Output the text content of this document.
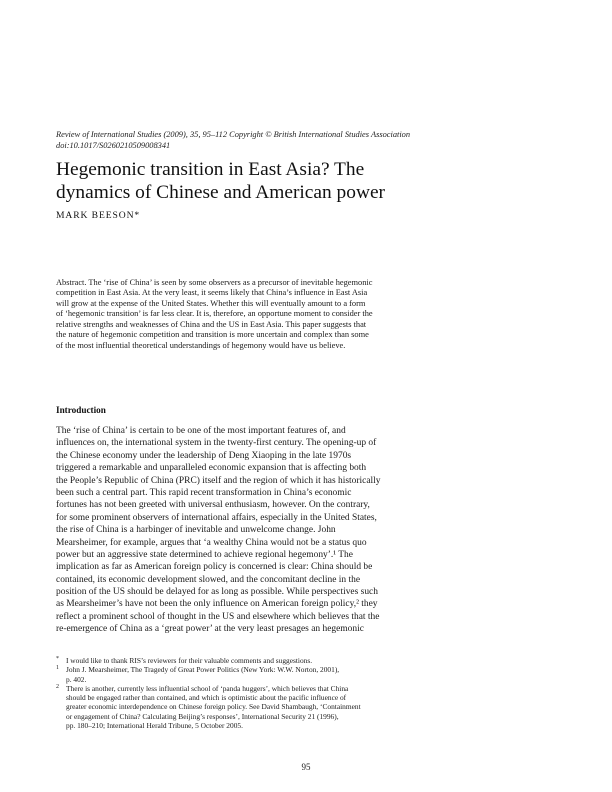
Review of International Studies (2009), 35, 95–112 Copyright © British International Studies Association
doi:10.1017/S0260210509008341
Hegemonic transition in East Asia? The
dynamics of Chinese and American power
MARK BEESON*
Abstract. The ‘rise of China’ is seen by some observers as a precursor of inevitable hegemonic
competition in East Asia. At the very least, it seems likely that China’s influence in East Asia
will grow at the expense of the United States. Whether this will eventually amount to a form
of ‘hegemonic transition’ is far less clear. It is, therefore, an opportune moment to consider the
relative strengths and weaknesses of China and the US in East Asia. This paper suggests that
the nature of hegemonic competition and transition is more uncertain and complex than some
of the most influential theoretical understandings of hegemony would have us believe.
Introduction
The ‘rise of China’ is certain to be one of the most important features of, and
influences on, the international system in the twenty-first century. The opening-up of
the Chinese economy under the leadership of Deng Xiaoping in the late 1970s
triggered a remarkable and unparalleled economic expansion that is affecting both
the People’s Republic of China (PRC) itself and the region of which it has historically
been such a central part. This rapid recent transformation in China’s economic
fortunes has not been greeted with universal enthusiasm, however. On the contrary,
for some prominent observers of international affairs, especially in the United States,
the rise of China is a harbinger of inevitable and unwelcome change. John
Mearsheimer, for example, argues that ‘a wealthy China would not be a status quo
power but an aggressive state determined to achieve regional hegemony’.¹ The
implication as far as American foreign policy is concerned is clear: China should be
contained, its economic development slowed, and the concomitant decline in the
position of the US should be delayed for as long as possible. While perspectives such
as Mearsheimer’s have not been the only influence on American foreign policy,² they
reflect a prominent school of thought in the US and elsewhere which believes that the
re-emergence of China as a ‘great power’ at the very least presages an hegemonic
* I would like to thank RIS’s reviewers for their valuable comments and suggestions.
1 John J. Mearsheimer, The Tragedy of Great Power Politics (New York: W.W. Norton, 2001),
p. 402.
2 There is another, currently less influential school of ‘panda huggers’, which believes that China
should be engaged rather than contained, and which is optimistic about the pacific influence of
greater economic interdependence on Chinese foreign policy. See David Shambaugh, ‘Containment
or engagement of China? Calculating Beijing’s responses’, International Security 21 (1996),
pp. 180–210; International Herald Tribune, 5 October 2005.
95
